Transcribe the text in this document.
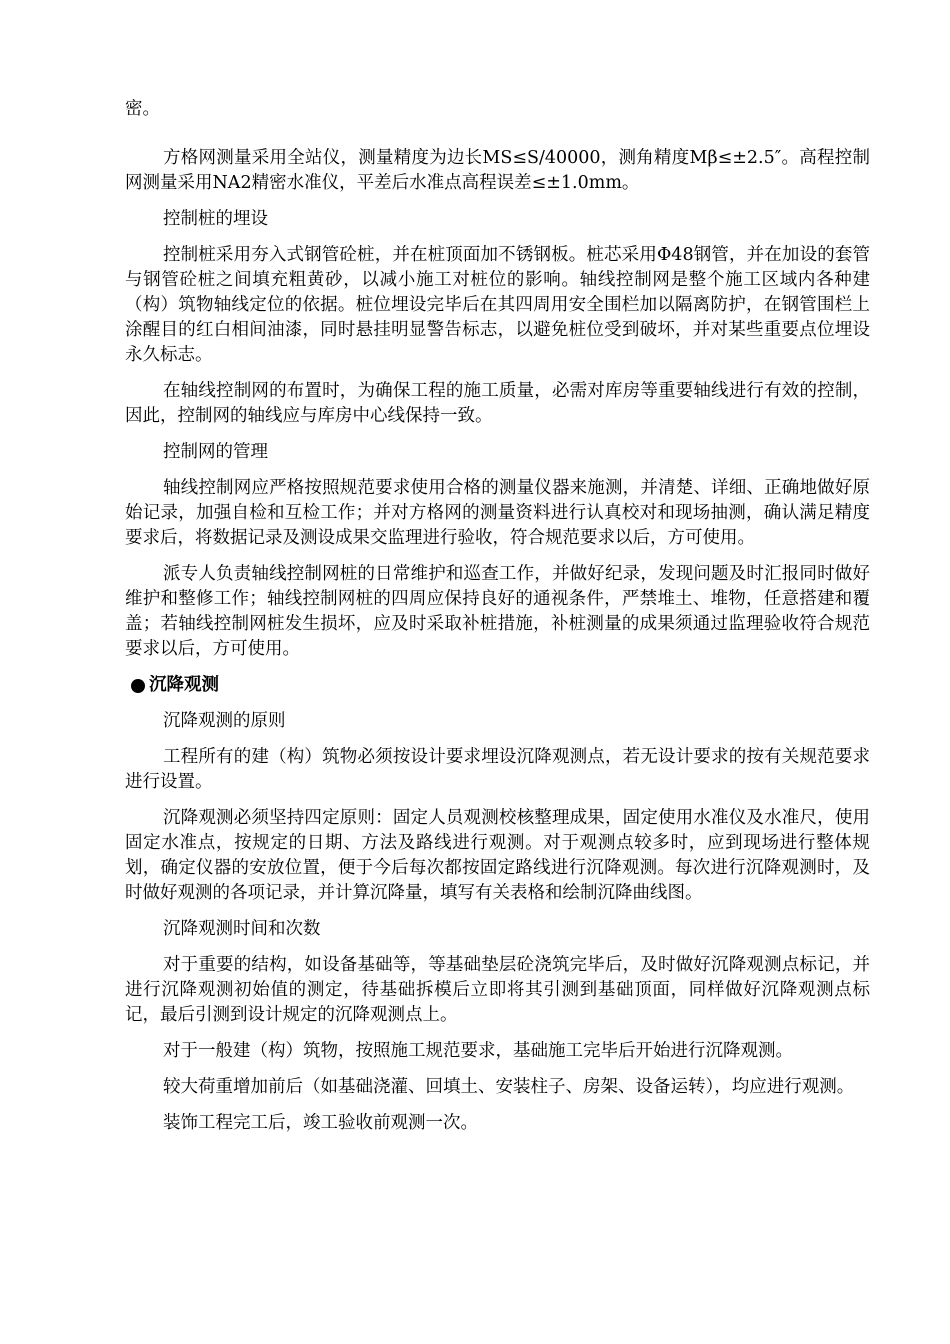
密。

方格网测量采用全站仪，测量精度为边长MS≤S/40000，测角精度Mβ≤±2.5″。高程控制网测量采用NA2精密水准仪，平差后水准点高程误差≤±1.0mm。

控制桩的埋设

控制桩采用夯入式钢管砼桩，并在桩顶面加不锈钢板。桩芯采用Φ48钢管，并在加设的套管与钢管砼桩之间填充粗黄砂，以减小施工对桩位的影响。轴线控制网是整个施工区域内各种建（构）筑物轴线定位的依据。桩位埋设完毕后在其四周用安全围栏加以隔离防护，在钢管围栏上涂醒目的红白相间油漆，同时悬挂明显警告标志，以避免桩位受到破坏，并对某些重要点位埋设永久标志。

在轴线控制网的布置时，为确保工程的施工质量，必需对库房等重要轴线进行有效的控制，因此，控制网的轴线应与库房中心线保持一致。

控制网的管理

轴线控制网应严格按照规范要求使用合格的测量仪器来施测，并清楚、详细、正确地做好原始记录，加强自检和互检工作；并对方格网的测量资料进行认真校对和现场抽测，确认满足精度要求后，将数据记录及测设成果交监理进行验收，符合规范要求以后，方可使用。

派专人负责轴线控制网桩的日常维护和巡查工作，并做好纪录，发现问题及时汇报同时做好维护和整修工作；轴线控制网桩的四周应保持良好的通视条件，严禁堆土、堆物，任意搭建和覆盖；若轴线控制网桩发生损坏，应及时采取补桩措施，补桩测量的成果须通过监理验收符合规范要求以后，方可使用。

沉降观测

沉降观测的原则

工程所有的建（构）筑物必须按设计要求埋设沉降观测点，若无设计要求的按有关规范要求进行设置。

沉降观测必须坚持四定原则：固定人员观测校核整理成果，固定使用水准仪及水准尺，使用固定水准点，按规定的日期、方法及路线进行观测。对于观测点较多时，应到现场进行整体规划，确定仪器的安放位置，便于今后每次都按固定路线进行沉降观测。每次进行沉降观测时，及时做好观测的各项记录，并计算沉降量，填写有关表格和绘制沉降曲线图。

沉降观测时间和次数

对于重要的结构，如设备基础等，等基础垫层砼浇筑完毕后，及时做好沉降观测点标记，并进行沉降观测初始值的测定，待基础拆模后立即将其引测到基础顶面，同样做好沉降观测点标记，最后引测到设计规定的沉降观测点上。

对于一般建（构）筑物，按照施工规范要求，基础施工完毕后开始进行沉降观测。

较大荷重增加前后（如基础浇灌、回填土、安装柱子、房架、设备运转），均应进行观测。

装饰工程完工后，竣工验收前观测一次。
